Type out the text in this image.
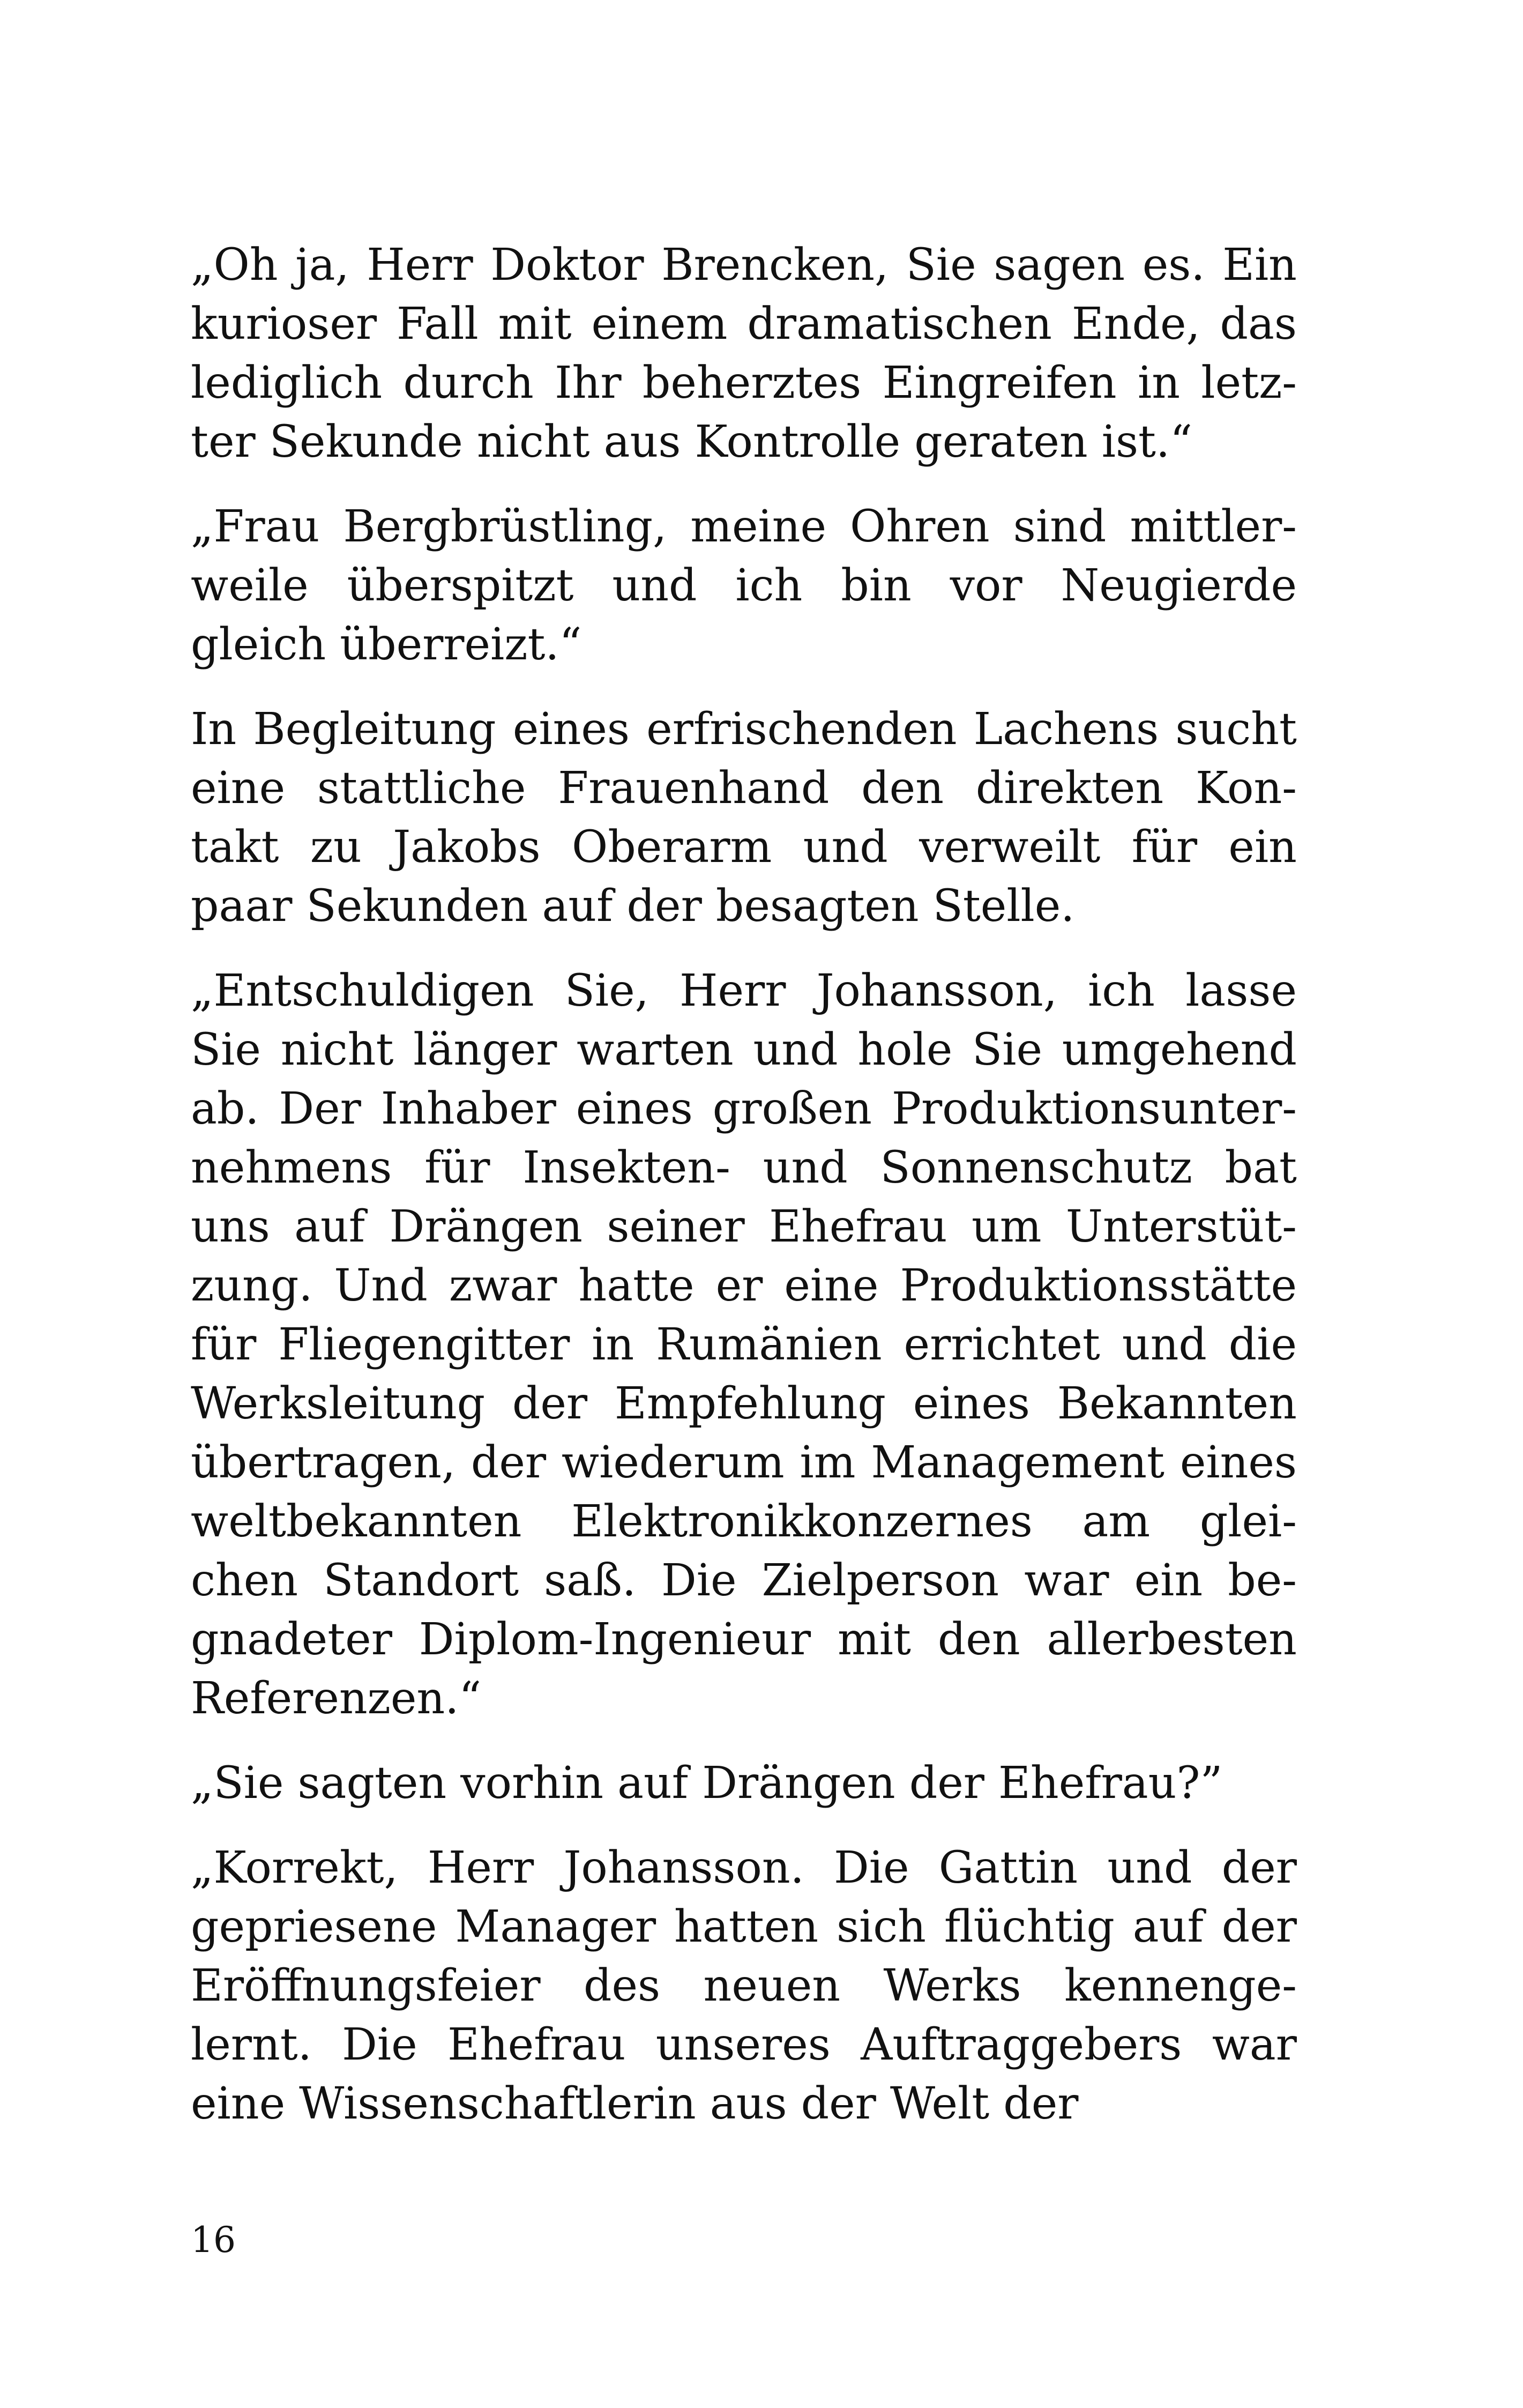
„Oh ja, Herr Doktor Brencken, Sie sagen es. Ein
kurioser Fall mit einem dramatischen Ende, das
lediglich durch Ihr beherztes Eingreifen in letz-
ter Sekunde nicht aus Kontrolle geraten ist.“

„Frau Bergbrüstling, meine Ohren sind mittler-
weile überspitzt und ich bin vor Neugierde
gleich überreizt.“

In Begleitung eines erfrischenden Lachens sucht
eine stattliche Frauenhand den direkten Kon-
takt zu Jakobs Oberarm und verweilt für ein
paar Sekunden auf der besagten Stelle.

„Entschuldigen Sie, Herr Johansson, ich lasse
Sie nicht länger warten und hole Sie umgehend
ab. Der Inhaber eines großen Produktionsunter-
nehmens für Insekten- und Sonnenschutz bat
uns auf Drängen seiner Ehefrau um Unterstüt-
zung. Und zwar hatte er eine Produktionsstätte
für Fliegengitter in Rumänien errichtet und die
Werksleitung der Empfehlung eines Bekannten
übertragen, der wiederum im Management eines
weltbekannten Elektronikkonzernes am glei-
chen Standort saß. Die Zielperson war ein be-
gnadeter Diplom-Ingenieur mit den allerbesten
Referenzen.“

„Sie sagten vorhin auf Drängen der Ehefrau?”

„Korrekt, Herr Johansson. Die Gattin und der
gepriesene Manager hatten sich flüchtig auf der
Eröffnungsfeier des neuen Werks kennenge-
lernt. Die Ehefrau unseres Auftraggebers war
eine Wissenschaftlerin aus der Welt der

16
